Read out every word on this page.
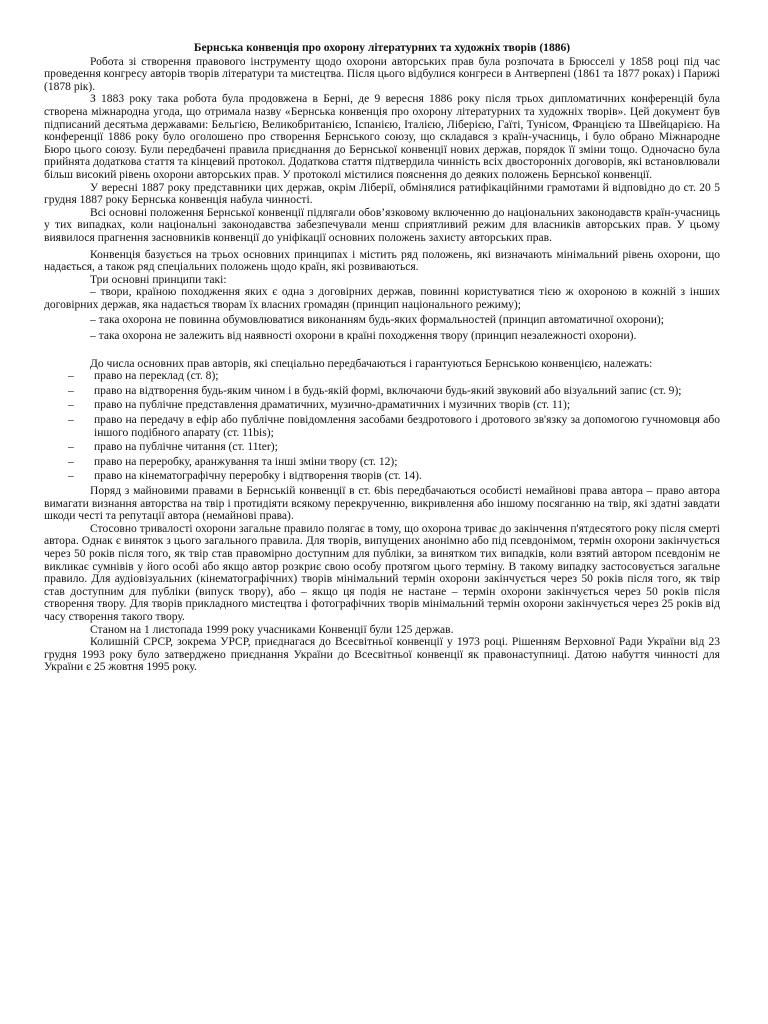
Бернська конвенція про охорону літературних та художніх творів (1886)

Робота зі створення правового інструменту щодо охорони авторських прав була розпочата в Брюсселі у 1858 році під час проведення конгресу авторів творів літератури та мистецтва. Після цього відбулися конгреси в Антверпені (1861 та 1877 роках) і Парижі (1878 рік).

З 1883 року така робота була продовжена в Берні, де 9 вересня 1886 року після трьох дипломатичних конференцій була створена міжнародна угода, що отримала назву «Бернська конвенція про охорону літературних та художніх творів». Цей документ був підписаний десятьма державами: Бельгією, Великобританією, Іспанією, Італією, Ліберією, Гаїті, Тунісом, Францією та Швейцарією. На конференції 1886 року було оголошено про створення Бернського союзу, що складався з країн-учасниць, і було обрано Міжнародне Бюро цього союзу. Були передбачені правила приєднання до Бернської конвенції нових держав, порядок її зміни тощо. Одночасно була прийнята додаткова стаття та кінцевий протокол. Додаткова стаття підтвердила чинність всіх двосторонніх договорів, які встановлювали більш високий рівень охорони авторських прав. У протоколі містилися пояснення до деяких положень Бернської конвенції.

У вересні 1887 року представники цих держав, окрім Ліберії, обмінялися ратифікаційними грамотами й відповідно до ст. 20 5 грудня 1887 року Бернська конвенція набула чинності.

Всі основні положення Бернської конвенції підлягали обов’язковому включенню до національних законодавств країн-учасниць у тих випадках, коли національні законодавства забезпечували менш сприятливий режим для власників авторських прав. У цьому виявилося прагнення засновників конвенції до уніфікації основних положень захисту авторських прав.

Конвенція базується на трьох основних принципах і містить ряд положень, які визначають мінімальний рівень охорони, що надається, а також ряд спеціальних положень щодо країн, які розвиваються.

Три основні принципи такі:

– твори, країною походження яких є одна з договірних держав, повинні користуватися тією ж охороною в кожній з інших договірних держав, яка надається творам їх власних громадян (принцип національного режиму);
– така охорона не повинна обумовлюватися виконанням будь-яких формальностей (принцип автоматичної охорони);
– така охорона не залежить від наявності охорони в країні походження твору (принцип незалежності охорони).

До числа основних прав авторів, які спеціально передбачаються і гарантуються Бернською конвенцією, належать:

– право на переклад (ст. 8);
– право на відтворення будь-яким чином і в будь-якій формі, включаючи будь-який звуковий або візуальний запис (ст. 9);
– право на публічне представлення драматичних, музично-драматичних і музичних творів (ст. 11);
– право на передачу в ефір або публічне повідомлення засобами бездротового і дротового зв'язку за допомогою гучномовця або іншого подібного апарату (ст. 11bis);
– право на публічне читання (ст. 11ter);
– право на переробку, аранжування та інші зміни твору (ст. 12);
– право на кінематографічну переробку і відтворення творів (ст. 14).

Поряд з майновими правами в Бернській конвенції в ст. 6bis передбачаються особисті немайнові права автора – право автора вимагати визнання авторства на твір і протидіяти всякому перекрученню, викривлення або іншому посяганню на твір, які здатні завдати шкоди честі та репутації автора (немайнові права).

Стосовно тривалості охорони загальне правило полягає в тому, що охорона триває до закінчення п'ятдесятого року після смерті автора. Однак є виняток з цього загального правила. Для творів, випущених анонімно або під псевдонімом, термін охорони закінчується через 50 років після того, як твір став правомірно доступним для публіки, за винятком тих випадків, коли взятий автором псевдонім не викликає сумнівів у його особі або якщо автор розкриє свою особу протягом цього терміну. В такому випадку застосовується загальне правило. Для аудіовізуальних (кінематографічних) творів мінімальний термін охорони закінчується через 50 років після того, як твір став доступним для публіки (випуск твору), або – якщо ця подія не настане – термін охорони закінчується через 50 років після створення твору. Для творів прикладного мистецтва і фотографічних творів мінімальний термін охорони закінчується через 25 років від часу створення такого твору.

Станом на 1 листопада 1999 року учасниками Конвенції були 125 держав.

Колишній СРСР, зокрема УРСР, приєднагася до Всесвітньої конвенції у 1973 році. Рішенням Верховної Ради України від 23 грудня 1993 року було затверджено приєднання України до Всесвітньої конвенції як правонаступниці. Датою набуття чинності для України є 25 жовтня 1995 року.
